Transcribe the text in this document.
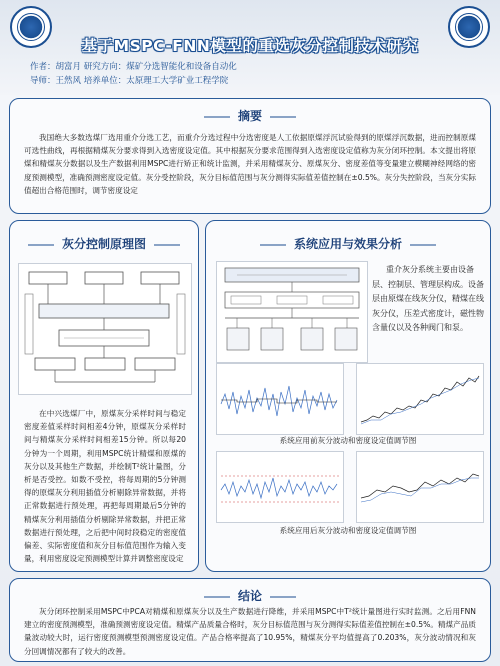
基于MSPC-FNN模型的重选灰分控制技术研究
作者：胡富月 研究方向：煤矿分选智能化和设备自动化
导师：王然风 培养单位：太原理工大学矿业工程学院
摘要
我国绝大多数选煤厂选用重介分选工艺，而重介分选过程中分选密度是人工依据原煤浮沉试验得到的原煤浮沉数据，进而控制原煤可选性曲线，再根据精煤灰分要求得到入选密度设定值。其中根据灰分要求范围得到入选密度设定值称为灰分闭环控制。本文提出将原煤和精煤灰分数据以及生产数据利用MSPC进行矫正和统计监测，并采用精煤灰分、原煤灰分、密度差值等变量建立模糊神经网络的密度预测模型，准确预测密度设定值。灰分受控阶段，灰分目标值范围与灰分测得实际值差值控制在±0.5%。灰分失控阶段，当灰分实际值超出合格范围时，调节密度设定
灰分控制原理图
在中兴选煤厂中，原煤灰分采样时间与稳定密度差值采样时间相差4分钟，原煤灰分采样时间与精煤灰分采样时间相差15分钟。所以每20分钟为一个周期，利用MSPC统计精煤和原煤的灰分以及其他生产数据，并绘制T²统计量图，分析是否受控。如数不受控，将每周期的5分钟测得的原煤灰分利用插值分析剔除异常数据，并将正常数据进行预处理，再把每周期最后5分钟的精煤灰分利用插值分析剔除异常数据，并把正常数据进行预处理，之后把中间时段稳定的密度值偏差、实际密度值和灰分目标值范围作为输入变量，利用密度设定预测模型计算并调整密度设定
系统应用与效果分析
重介灰分系统主要由设备层、控制层、管理层构成。设备层由原煤在线灰分仪，精煤在线灰分仪，压差式密度计，磁性物含量仪以及各种阀门和泵。
系统应用前灰分波动和密度设定值调节图
系统应用后灰分波动和密度设定值调节图
结论
灰分闭环控制采用MSPC中PCA对精煤和原煤灰分以及生产数据进行降维，并采用MSPC中T²统计量图进行实时监测。之后用FNN建立的密度预测模型，准确预测密度设定值。精煤产品质量合格时，灰分目标值范围与灰分测得实际值差值控制在±0.5%。精煤产品质量波动较大时，运行密度预测模型预测密度设定值。产品合格率提高了10.95%，精煤灰分平均值提高了0.203%，灰分波动情况和灰分回调情况都有了较大的改善。
